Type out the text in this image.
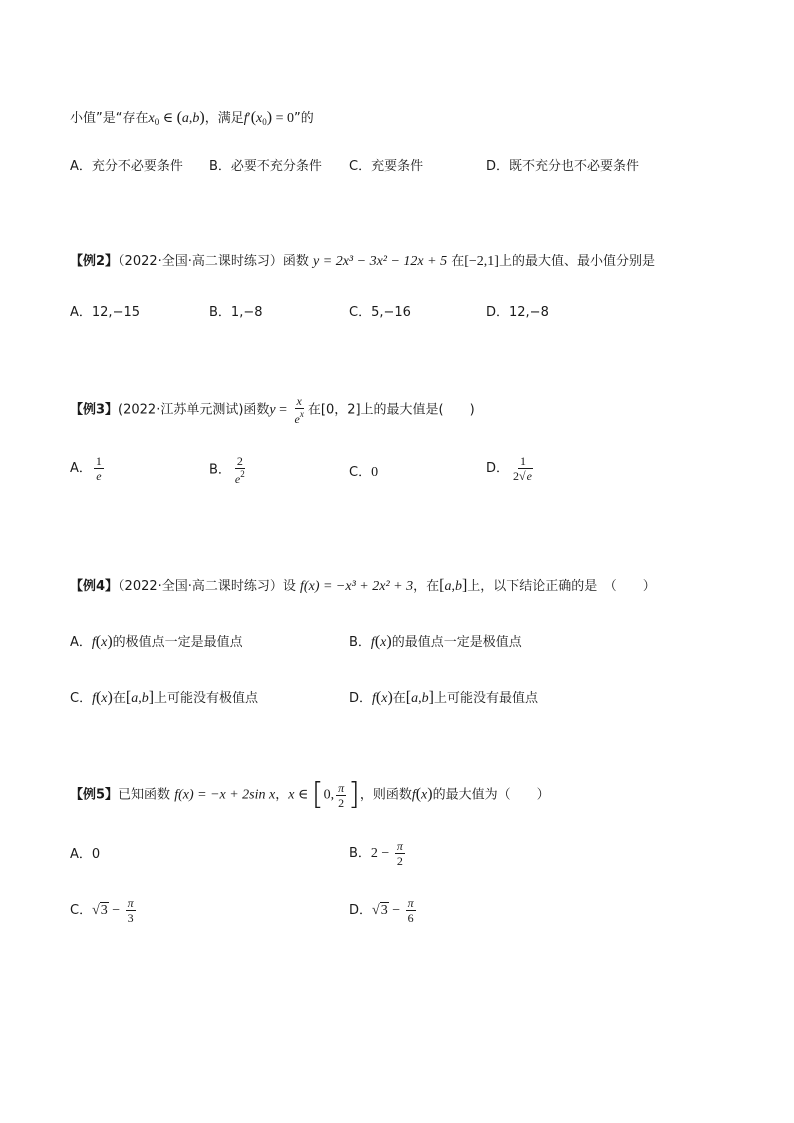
小值”是“存在$x_0$ ∈ (a,b)，满足$f'(x_0) = 0$”的
A．充分不必要条件 B．必要不充分条件 C．充要条件	D．既不充分也不必要条件
【例2】（2022·全国·高二课时练习）函数 y = 2x³ − 3x² − 12x + 5 在[−2,1]上的最大值、最小值分别是
A．12,−15	B．1,−8	C．5,−16	D．12,−8
【例3】(2022·江苏单元测试)函数$y = \frac{x}{e^x}$ 在[0，2]上的最大值是(　　)
A． $\frac{1}{e}$	B． $\frac{2}{e^2}$	C．0	D． $\frac{1}{2√e}$
【例4】（2022·全国·高二课时练习）设 f(x) = −x³ + 2x² + 3，在[a,b]上，以下结论正确的是　（　　）
A．f(x)的极值点一定是最值点	B．f(x)的最值点一定是极值点
C．f(x)在[a,b]上可能没有极值点	D．f(x)在[a,b]上可能没有最值点
【例5】已知函数 f(x) = −x + 2sin x，x ∈ [0, $\frac{\pi}{2}$ ]，则函数f(x)的最大值为（　　）
A．0	B．$2 - \frac{\pi}{2}$
C．$√3 - \frac{\pi}{3}$	D．$√3 - \frac{\pi}{6}$
